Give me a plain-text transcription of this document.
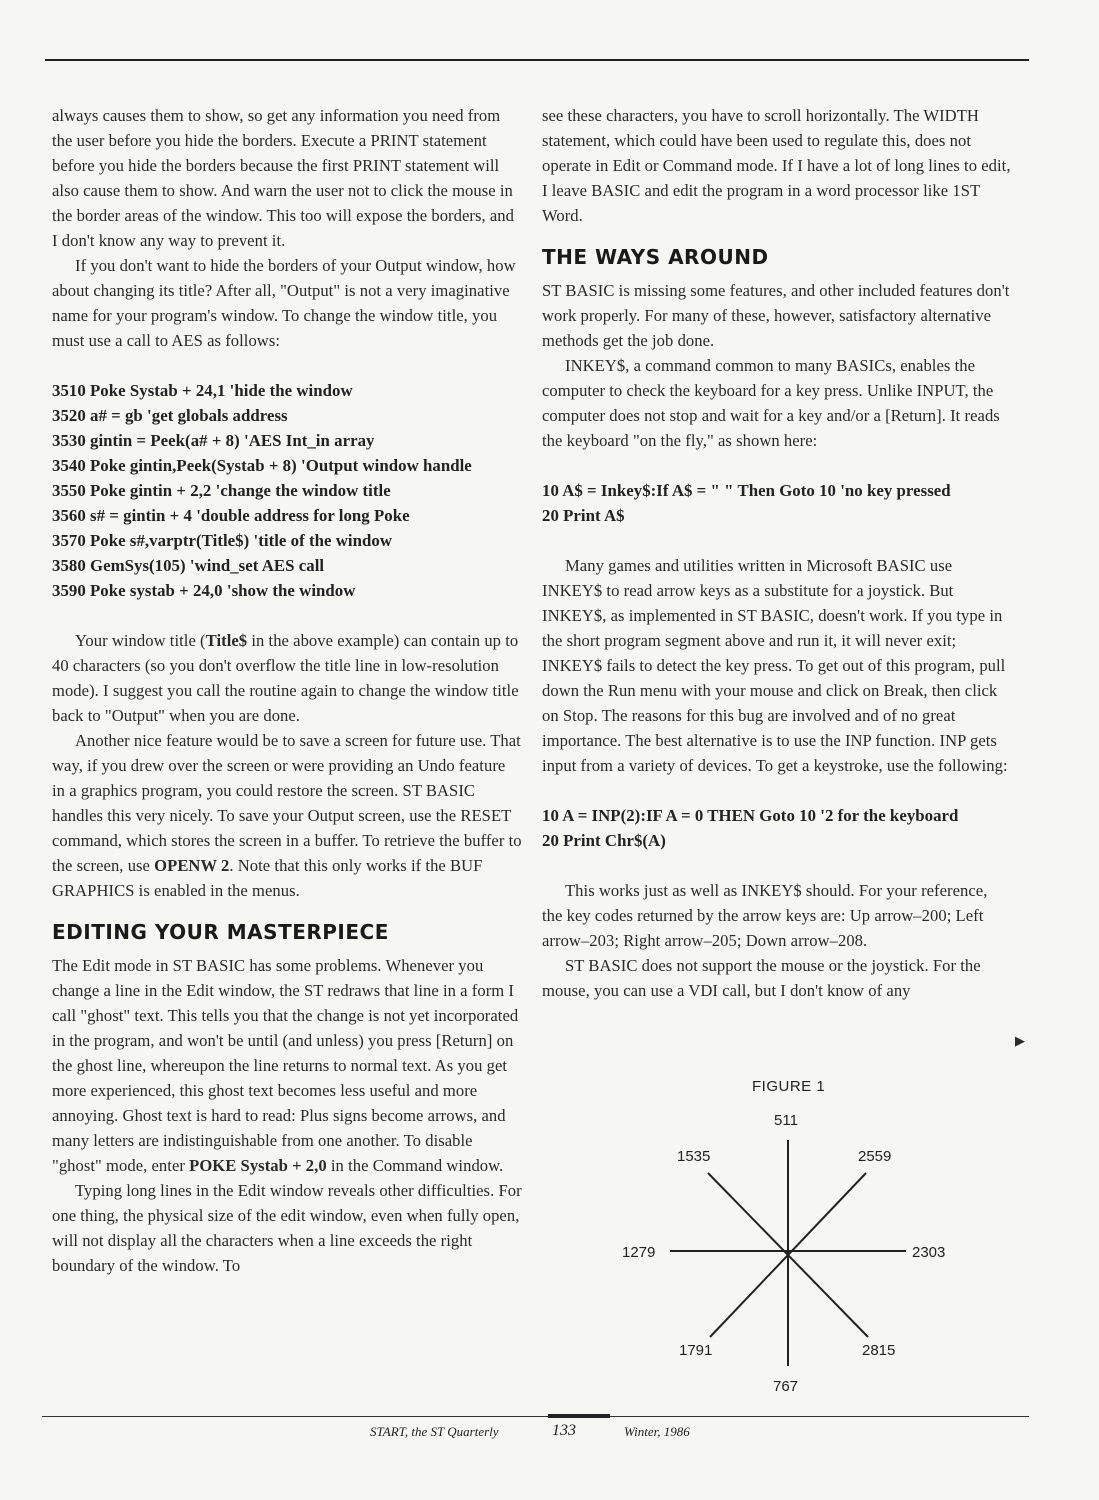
always causes them to show, so get any information you need from the user before you hide the borders. Execute a PRINT statement before you hide the borders because the first PRINT statement will also cause them to show. And warn the user not to click the mouse in the border areas of the window. This too will expose the borders, and I don't know any way to prevent it.

If you don't want to hide the borders of your Output window, how about changing its title? After all, "Output" is not a very imaginative name for your program's window. To change the window title, you must use a call to AES as follows:

3510 Poke Systab + 24,1 'hide the window
3520 a# = gb 'get globals address
3530 gintin = Peek(a# + 8) 'AES Int_in array
3540 Poke gintin,Peek(Systab + 8) 'Output window handle
3550 Poke gintin + 2,2 'change the window title
3560 s# = gintin + 4 'double address for long Poke
3570 Poke s#,varptr(Title$) 'title of the window
3580 GemSys(105) 'wind_set AES call
3590 Poke systab + 24,0 'show the window

Your window title (Title$ in the above example) can contain up to 40 characters (so you don't overflow the title line in low-resolution mode). I suggest you call the routine again to change the window title back to "Output" when you are done.

Another nice feature would be to save a screen for future use. That way, if you drew over the screen or were providing an Undo feature in a graphics program, you could restore the screen. ST BASIC handles this very nicely. To save your Output screen, use the RESET command, which stores the screen in a buffer. To retrieve the buffer to the screen, use OPENW 2. Note that this only works if the BUF GRAPHICS is enabled in the menus.

EDITING YOUR MASTERPIECE

The Edit mode in ST BASIC has some problems. Whenever you change a line in the Edit window, the ST redraws that line in a form I call "ghost" text. This tells you that the change is not yet incorporated in the program, and won't be until (and unless) you press [Return] on the ghost line, whereupon the line returns to normal text. As you get more experienced, this ghost text becomes less useful and more annoying. Ghost text is hard to read: Plus signs become arrows, and many letters are indistinguishable from one another. To disable "ghost" mode, enter POKE Systab + 2,0 in the Command window.

Typing long lines in the Edit window reveals other difficulties. For one thing, the physical size of the edit window, even when fully open, will not display all the characters when a line exceeds the right boundary of the window. To

see these characters, you have to scroll horizontally. The WIDTH statement, which could have been used to regulate this, does not operate in Edit or Command mode. If I have a lot of long lines to edit, I leave BASIC and edit the program in a word processor like 1ST Word.

THE WAYS AROUND

ST BASIC is missing some features, and other included features don't work properly. For many of these, however, satisfactory alternative methods get the job done.

INKEY$, a command common to many BASICs, enables the computer to check the keyboard for a key press. Unlike INPUT, the computer does not stop and wait for a key and/or a [Return]. It reads the keyboard "on the fly," as shown here:

10 A$ = Inkey$:If A$ = " " Then Goto 10 'no key pressed
20 Print A$

Many games and utilities written in Microsoft BASIC use INKEY$ to read arrow keys as a substitute for a joystick. But INKEY$, as implemented in ST BASIC, doesn't work. If you type in the short program segment above and run it, it will never exit; INKEY$ fails to detect the key press. To get out of this program, pull down the Run menu with your mouse and click on Break, then click on Stop. The reasons for this bug are involved and of no great importance. The best alternative is to use the INP function. INP gets input from a variety of devices. To get a keystroke, use the following:

10 A = INP(2):IF A = 0 THEN Goto 10 '2 for the keyboard
20 Print Chr$(A)

This works just as well as INKEY$ should. For your reference, the key codes returned by the arrow keys are: Up arrow–200; Left arrow–203; Right arrow–205; Down arrow–208.

ST BASIC does not support the mouse or the joystick. For the mouse, you can use a VDI call, but I don't know of any

▶
FIGURE 1
511
1535	2559
1279	2303
1791	2815
767
START, the ST Quarterly	133	Winter, 1986
